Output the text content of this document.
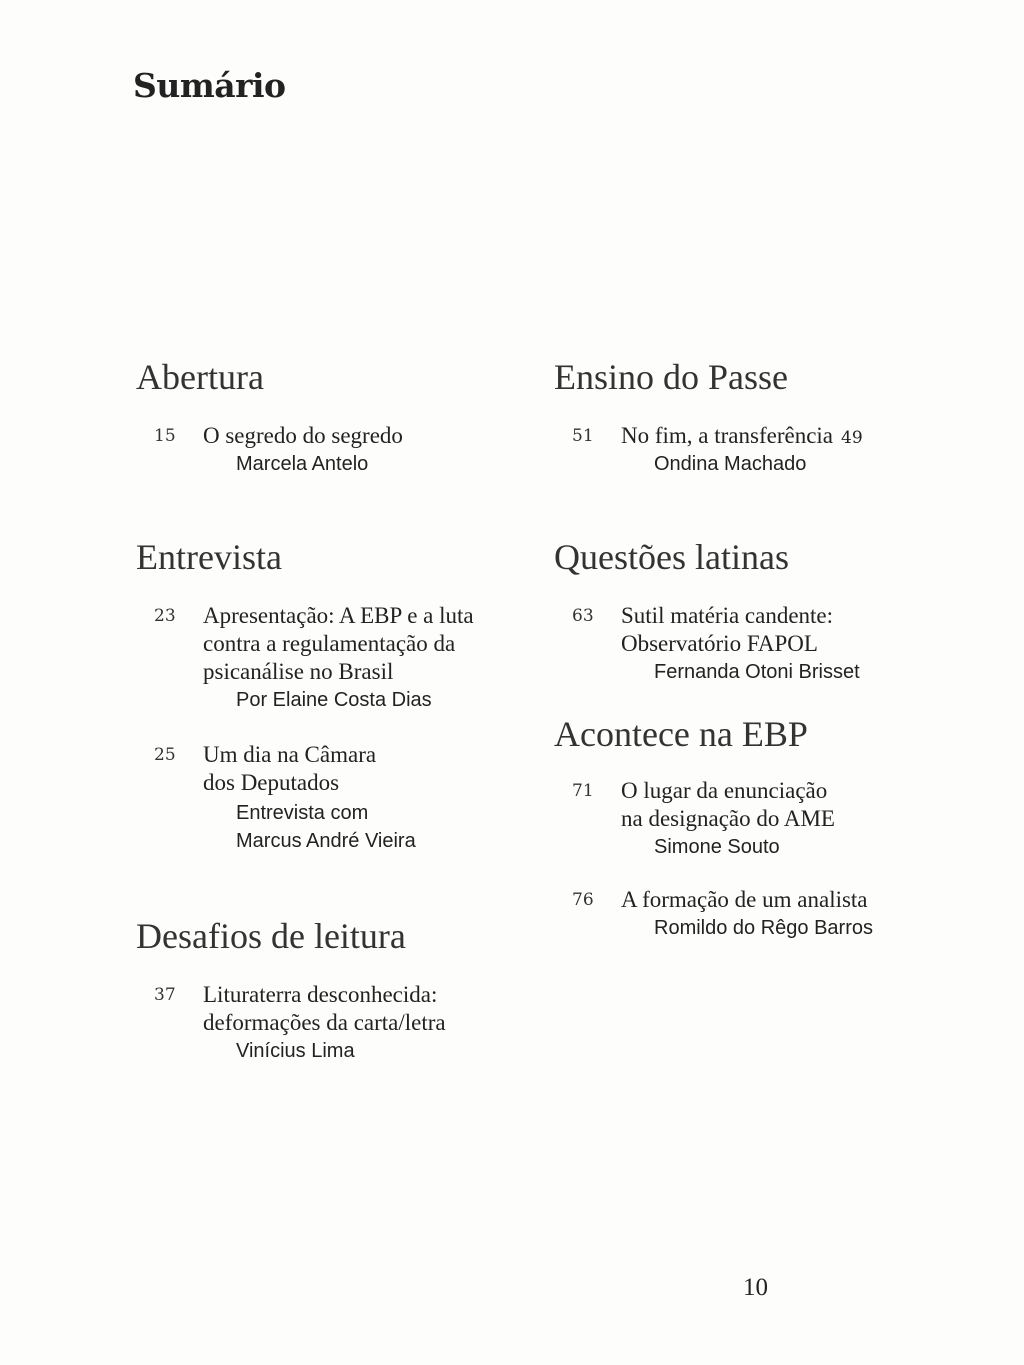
Sumário
Abertura
15 O segredo do segredo
Marcela Antelo
Entrevista
23 Apresentação: A EBP e a luta
contra a regulamentação da
psicanálise no Brasil
Por Elaine Costa Dias
25 Um dia na Câmara
dos Deputados
Entrevista com
Marcus André Vieira
Desafios de leitura
37 Lituraterra desconhecida:
deformações da carta/letra
Vinícius Lima
Ensino do Passe
51 No fim, a transferência 49
Ondina Machado
Questões latinas
63 Sutil matéria candente:
Observatório FAPOL
Fernanda Otoni Brisset
Acontece na EBP
71 O lugar da enunciação
na designação do AME
Simone Souto
76 A formação de um analista
Romildo do Rêgo Barros
10
